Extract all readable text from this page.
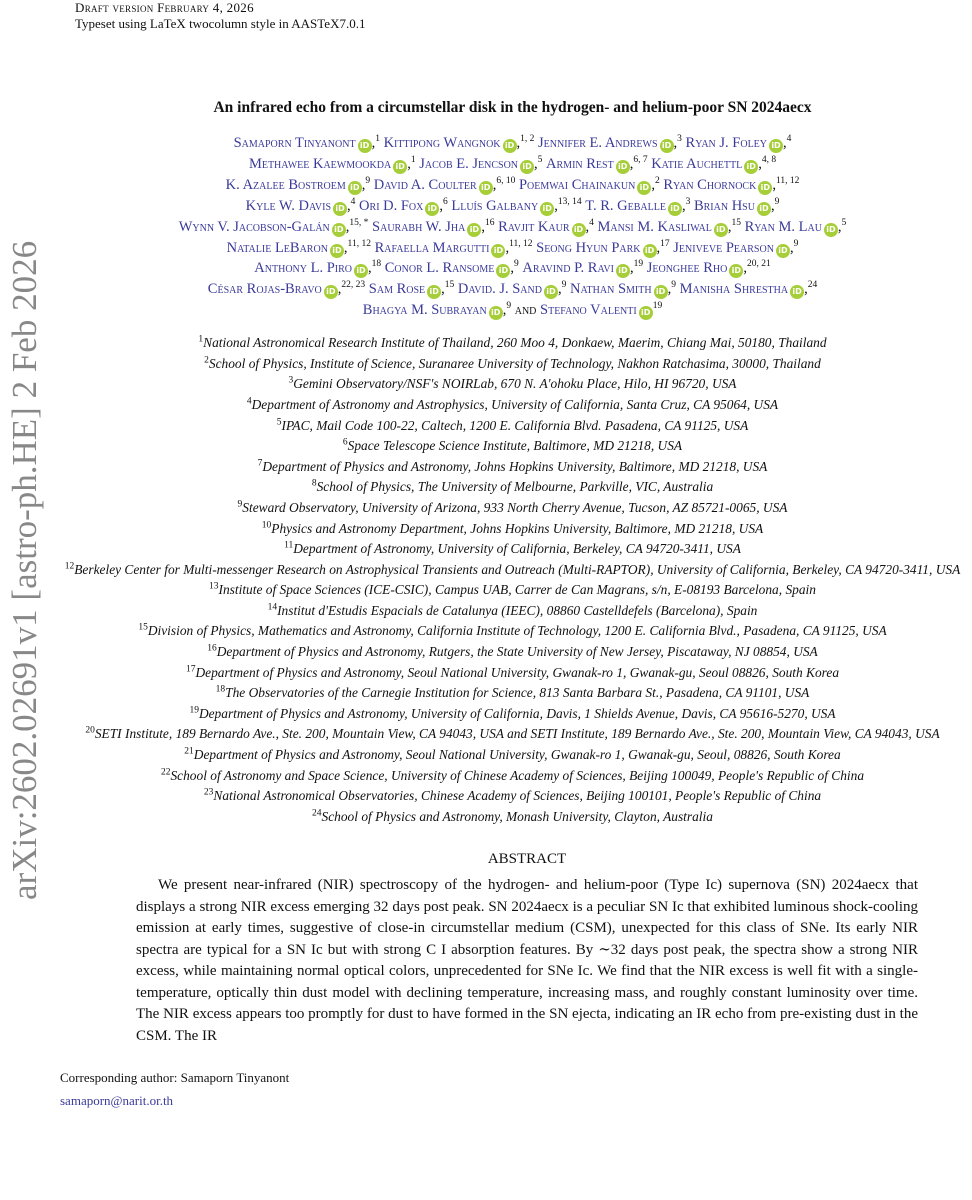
arXiv:2602.02691v1 [astro-ph.HE] 2 Feb 2026
Draft version February 4, 2026
Typeset using LaTeX twocolumn style in AASTeX7.0.1
An infrared echo from a circumstellar disk in the hydrogen- and helium-poor SN 2024aecx
Samaporn Tinyanont iD ,$^1$ Kittipong Wangnok iD ,$^{1, 2}$ Jennifer E. Andrews iD ,$^3$ Ryan J. Foley iD ,$^4$
Methawee Kaewmookda iD ,$^1$ Jacob E. Jencson iD ,$^5$ Armin Rest iD ,$^{6, 7}$ Katie Auchettl iD ,$^{4, 8}$
K. Azalee Bostroem iD ,$^9$ David A. Coulter iD ,$^{6, 10}$ Poemwai Chainakun iD ,$^2$ Ryan Chornock iD ,$^{11, 12}$
Kyle W. Davis iD ,$^4$ Ori D. Fox iD ,$^6$ Lluís Galbany iD ,$^{13, 14}$ T. R. Geballe iD ,$^3$ Brian Hsu iD ,$^9$
Wynn V. Jacobson-Galán iD ,$^{15, *}$ Saurabh W. Jha iD ,$^{16}$ Ravjit Kaur iD ,$^4$ Mansi M. Kasliwal iD ,$^{15}$ Ryan M. Lau iD ,$^5$
Natalie LeBaron iD ,$^{11, 12}$ Rafaella Margutti iD ,$^{11, 12}$ Seong Hyun Park iD ,$^{17}$ Jeniveve Pearson iD ,$^9$
Anthony L. Piro iD ,$^{18}$ Conor L. Ransome iD ,$^9$ Aravind P. Ravi iD ,$^{19}$ Jeonghee Rho iD ,$^{20, 21}$
César Rojas-Bravo iD ,$^{22, 23}$ Sam Rose iD ,$^{15}$ David. J. Sand iD ,$^9$ Nathan Smith iD ,$^9$ Manisha Shrestha iD ,$^{24}$
Bhagya M. Subrayan iD ,$^9$ and Stefano Valenti $iD^{19}$
$^1$National Astronomical Research Institute of Thailand, 260 Moo 4, Donkaew, Maerim, Chiang Mai, 50180, Thailand
$^2$School of Physics, Institute of Science, Suranaree University of Technology, Nakhon Ratchasima, 30000, Thailand
$^3$Gemini Observatory/NSF's NOIRLab, 670 N. A'ohoku Place, Hilo, HI 96720, USA
$^4$Department of Astronomy and Astrophysics, University of California, Santa Cruz, CA 95064, USA
$^5$IPAC, Mail Code 100-22, Caltech, 1200 E. California Blvd. Pasadena, CA 91125, USA
$^6$Space Telescope Science Institute, Baltimore, MD 21218, USA
$^7$Department of Physics and Astronomy, Johns Hopkins University, Baltimore, MD 21218, USA
$^8$School of Physics, The University of Melbourne, Parkville, VIC, Australia
$^9$Steward Observatory, University of Arizona, 933 North Cherry Avenue, Tucson, AZ 85721-0065, USA
$^{10}$Physics and Astronomy Department, Johns Hopkins University, Baltimore, MD 21218, USA
$^{11}$Department of Astronomy, University of California, Berkeley, CA 94720-3411, USA
$^{12}$Berkeley Center for Multi-messenger Research on Astrophysical Transients and Outreach (Multi-RAPTOR), University of California, Berkeley, CA 94720-3411, USA
$^{13}$Institute of Space Sciences (ICE-CSIC), Campus UAB, Carrer de Can Magrans, s/n, E-08193 Barcelona, Spain
$^{14}$Institut d'Estudis Espacials de Catalunya (IEEC), 08860 Castelldefels (Barcelona), Spain
$^{15}$Division of Physics, Mathematics and Astronomy, California Institute of Technology, 1200 E. California Blvd., Pasadena, CA 91125, USA
$^{16}$Department of Physics and Astronomy, Rutgers, the State University of New Jersey, Piscataway, NJ 08854, USA
$^{17}$Department of Physics and Astronomy, Seoul National University, Gwanak-ro 1, Gwanak-gu, Seoul 08826, South Korea
$^{18}$The Observatories of the Carnegie Institution for Science, 813 Santa Barbara St., Pasadena, CA 91101, USA
$^{19}$Department of Physics and Astronomy, University of California, Davis, 1 Shields Avenue, Davis, CA 95616-5270, USA
$^{20}$SETI Institute, 189 Bernardo Ave., Ste. 200, Mountain View, CA 94043, USA and SETI Institute, 189 Bernardo Ave., Ste. 200, Mountain View, CA 94043, USA
$^{21}$Department of Physics and Astronomy, Seoul National University, Gwanak-ro 1, Gwanak-gu, Seoul, 08826, South Korea
$^{22}$School of Astronomy and Space Science, University of Chinese Academy of Sciences, Beijing 100049, People's Republic of China
$^{23}$National Astronomical Observatories, Chinese Academy of Sciences, Beijing 100101, People's Republic of China
$^{24}$School of Physics and Astronomy, Monash University, Clayton, Australia
ABSTRACT
We present near-infrared (NIR) spectroscopy of the hydrogen- and helium-poor (Type Ic) supernova (SN) 2024aecx that displays a strong NIR excess emerging 32 days post peak. SN 2024aecx is a peculiar SN Ic that exhibited luminous shock-cooling emission at early times, suggestive of close-in circumstellar medium (CSM), unexpected for this class of SNe. Its early NIR spectra are typical for a SN Ic but with strong C I absorption features. By ∼32 days post peak, the spectra show a strong NIR excess, while maintaining normal optical colors, unprecedented for SNe Ic. We find that the NIR excess is well fit with a single-temperature, optically thin dust model with declining temperature, increasing mass, and roughly constant luminosity over time. The NIR excess appears too promptly for dust to have formed in the SN ejecta, indicating an IR echo from pre-existing dust in the CSM. The IR
Corresponding author: Samaporn Tinyanont
samaporn@narit.or.th
